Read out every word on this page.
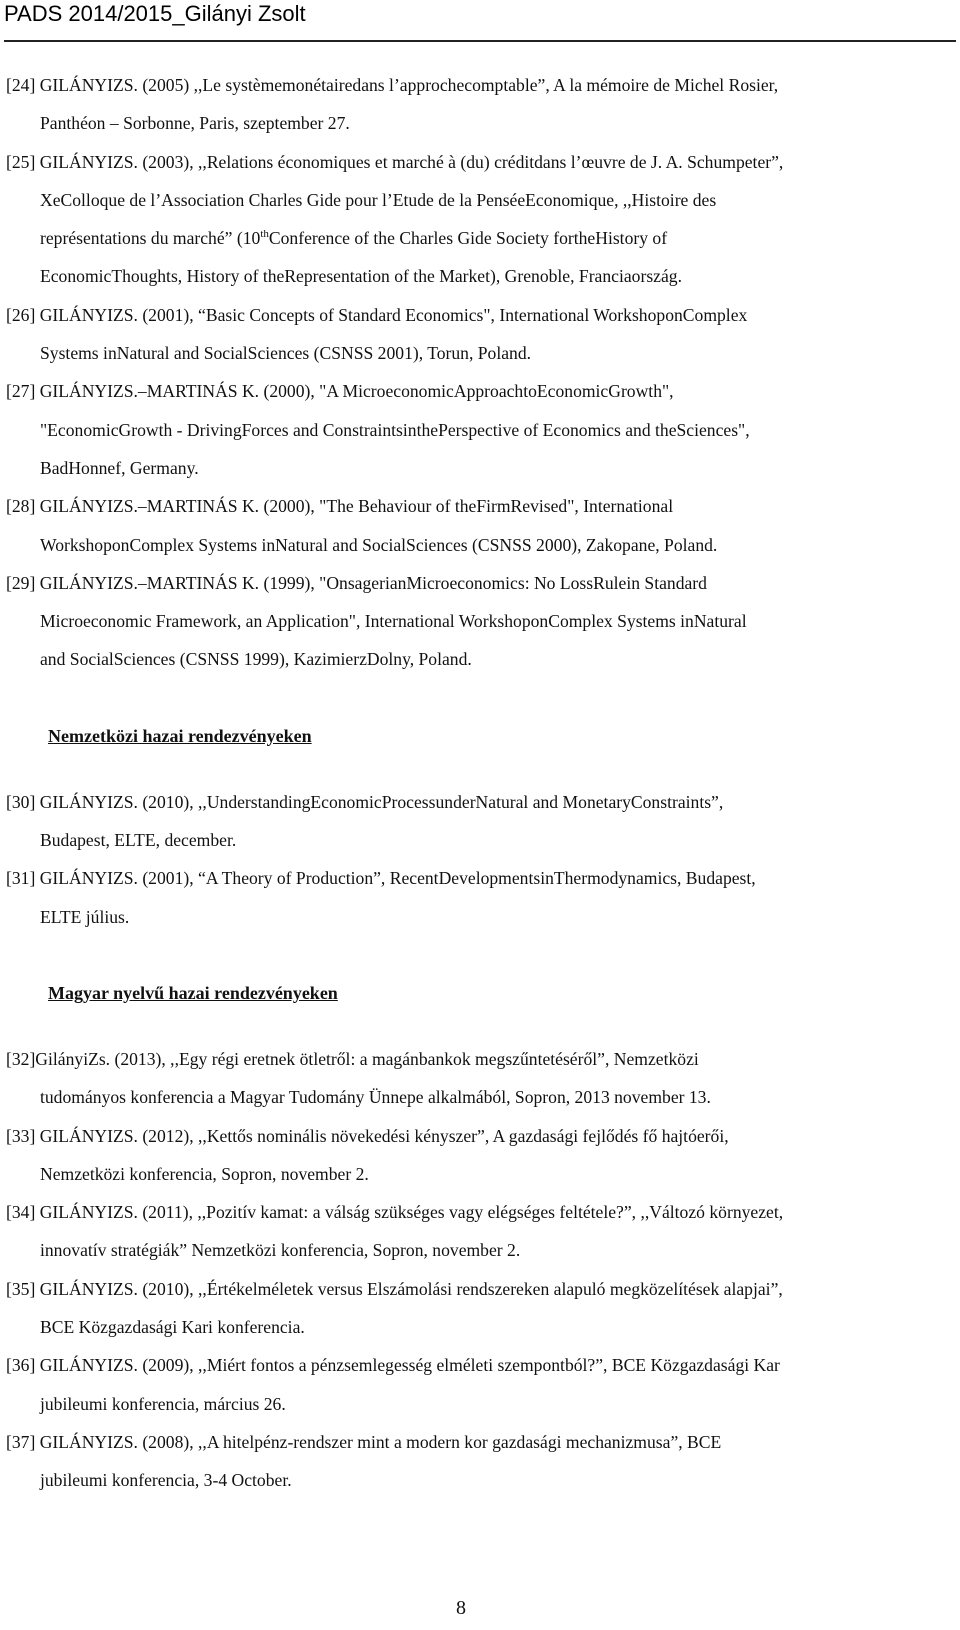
PADS 2014/2015_Gilányi Zsolt
[24] GILÁNYIZS. (2005) ,,Le systèmemonétairedans l’approchecomptable”, A la mémoire de Michel Rosier,
Panthéon – Sorbonne, Paris, szeptember 27.
[25] GILÁNYIZS. (2003), ,,Relations économiques et marché à (du) créditdans l’œuvre de J. A. Schumpeter”,
XeColloque de l’Association Charles Gide pour l’Etude de la PenséeEconomique, ,,Histoire des
représentations du marché” (10thConference of the Charles Gide Society fortheHistory of
EconomicThoughts, History of theRepresentation of the Market), Grenoble, Franciaország.
[26] GILÁNYIZS. (2001), “Basic Concepts of Standard Economics", International WorkshoponComplex
Systems inNatural and SocialSciences (CSNSS 2001), Torun, Poland.
[27] GILÁNYIZS.–MARTINÁS K. (2000), "A MicroeconomicApproachtoEconomicGrowth",
"EconomicGrowth - DrivingForces and ConstraintsinthePerspective of Economics and theSciences",
BadHonnef, Germany.
[28] GILÁNYIZS.–MARTINÁS K. (2000), "The Behaviour of theFirmRevised", International
WorkshoponComplex Systems inNatural and SocialSciences (CSNSS 2000), Zakopane, Poland.
[29] GILÁNYIZS.–MARTINÁS K. (1999), "OnsagerianMicroeconomics: No LossRulein Standard
Microeconomic Framework, an Application", International WorkshoponComplex Systems inNatural
and SocialSciences (CSNSS 1999), KazimierzDolny, Poland.
Nemzetközi hazai rendezvényeken
[30] GILÁNYIZS. (2010), ,,UnderstandingEconomicProcessunderNatural and MonetaryConstraints”,
Budapest, ELTE, december.
[31] GILÁNYIZS. (2001), “A Theory of Production”, RecentDevelopmentsinThermodynamics, Budapest,
ELTE július.
Magyar nyelvű hazai rendezvényeken
[32]GilányiZs. (2013), ,,Egy régi eretnek ötletről: a magánbankok megszűntetéséről”, Nemzetközi
tudományos konferencia a Magyar Tudomány Ünnepe alkalmából, Sopron, 2013 november 13.
[33] GILÁNYIZS. (2012), ,,Kettős nominális növekedési kényszer”, A gazdasági fejlődés fő hajtóerői,
Nemzetközi konferencia, Sopron, november 2.
[34] GILÁNYIZS. (2011), ,,Pozitív kamat: a válság szükséges vagy elégséges feltétele?”, ,,Változó környezet,
innovatív stratégiák” Nemzetközi konferencia, Sopron, november 2.
[35] GILÁNYIZS. (2010), ,,Értékelméletek versus Elszámolási rendszereken alapuló megközelítések alapjai”,
BCE Közgazdasági Kari konferencia.
[36] GILÁNYIZS. (2009), ,,Miért fontos a pénzsemlegesség elméleti szempontból?”, BCE Közgazdasági Kar
jubileumi konferencia, március 26.
[37] GILÁNYIZS. (2008), ,,A hitelpénz-rendszer mint a modern kor gazdasági mechanizmusa”, BCE
jubileumi konferencia, 3-4 October.
8
